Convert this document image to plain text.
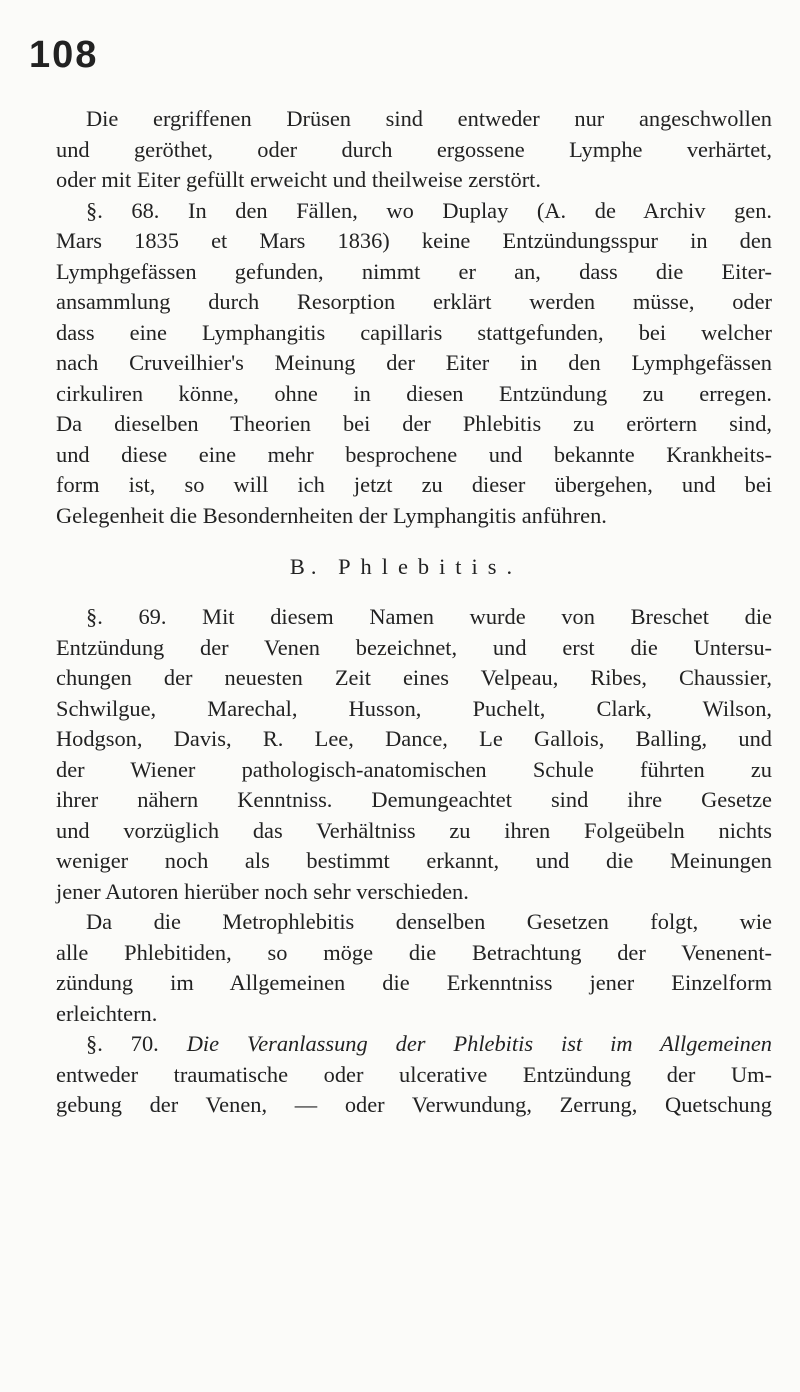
108

Die ergriffenen Drüsen sind entweder nur angeschwollen

und geröthet, oder durch ergossene Lymphe verhärtet,

oder mit Eiter gefüllt erweicht und theilweise zerstört.

§. 68. In den Fällen, wo Duplay (A. de Archiv gen.

Mars 1835 et Mars 1836) keine Entzündungsspur in den

Lymphgefässen gefunden, nimmt er an, dass die Eiter-

ansammlung durch Resorption erklärt werden müsse, oder

dass eine Lymphangitis capillaris stattgefunden, bei welcher

nach Cruveilhier's Meinung der Eiter in den Lymphgefässen

cirkuliren könne, ohne in diesen Entzündung zu erregen.

Da dieselben Theorien bei der Phlebitis zu erörtern sind,

und diese eine mehr besprochene und bekannte Krankheits-

form ist, so will ich jetzt zu dieser übergehen, und bei

Gelegenheit die Besondernheiten der Lymphangitis anführen.

B. Phlebitis.

§. 69. Mit diesem Namen wurde von Breschet die

Entzündung der Venen bezeichnet, und erst die Untersu-

chungen der neuesten Zeit eines Velpeau, Ribes, Chaussier,

Schwilgue, Marechal, Husson, Puchelt, Clark, Wilson,

Hodgson, Davis, R. Lee, Dance, Le Gallois, Balling, und

der Wiener pathologisch-anatomischen Schule führten zu

ihrer nähern Kenntniss. Demungeachtet sind ihre Gesetze

und vorzüglich das Verhältniss zu ihren Folgeübeln nichts

weniger noch als bestimmt erkannt, und die Meinungen

jener Autoren hierüber noch sehr verschieden.

Da die Metrophlebitis denselben Gesetzen folgt, wie

alle Phlebitiden, so möge die Betrachtung der Venenent-

zündung im Allgemeinen die Erkenntniss jener Einzelform

erleichtern.

§. 70. Die Veranlassung der Phlebitis ist im Allgemeinen

entweder traumatische oder ulcerative Entzündung der Um-

gebung der Venen, — oder Verwundung, Zerrung, Quetschung
